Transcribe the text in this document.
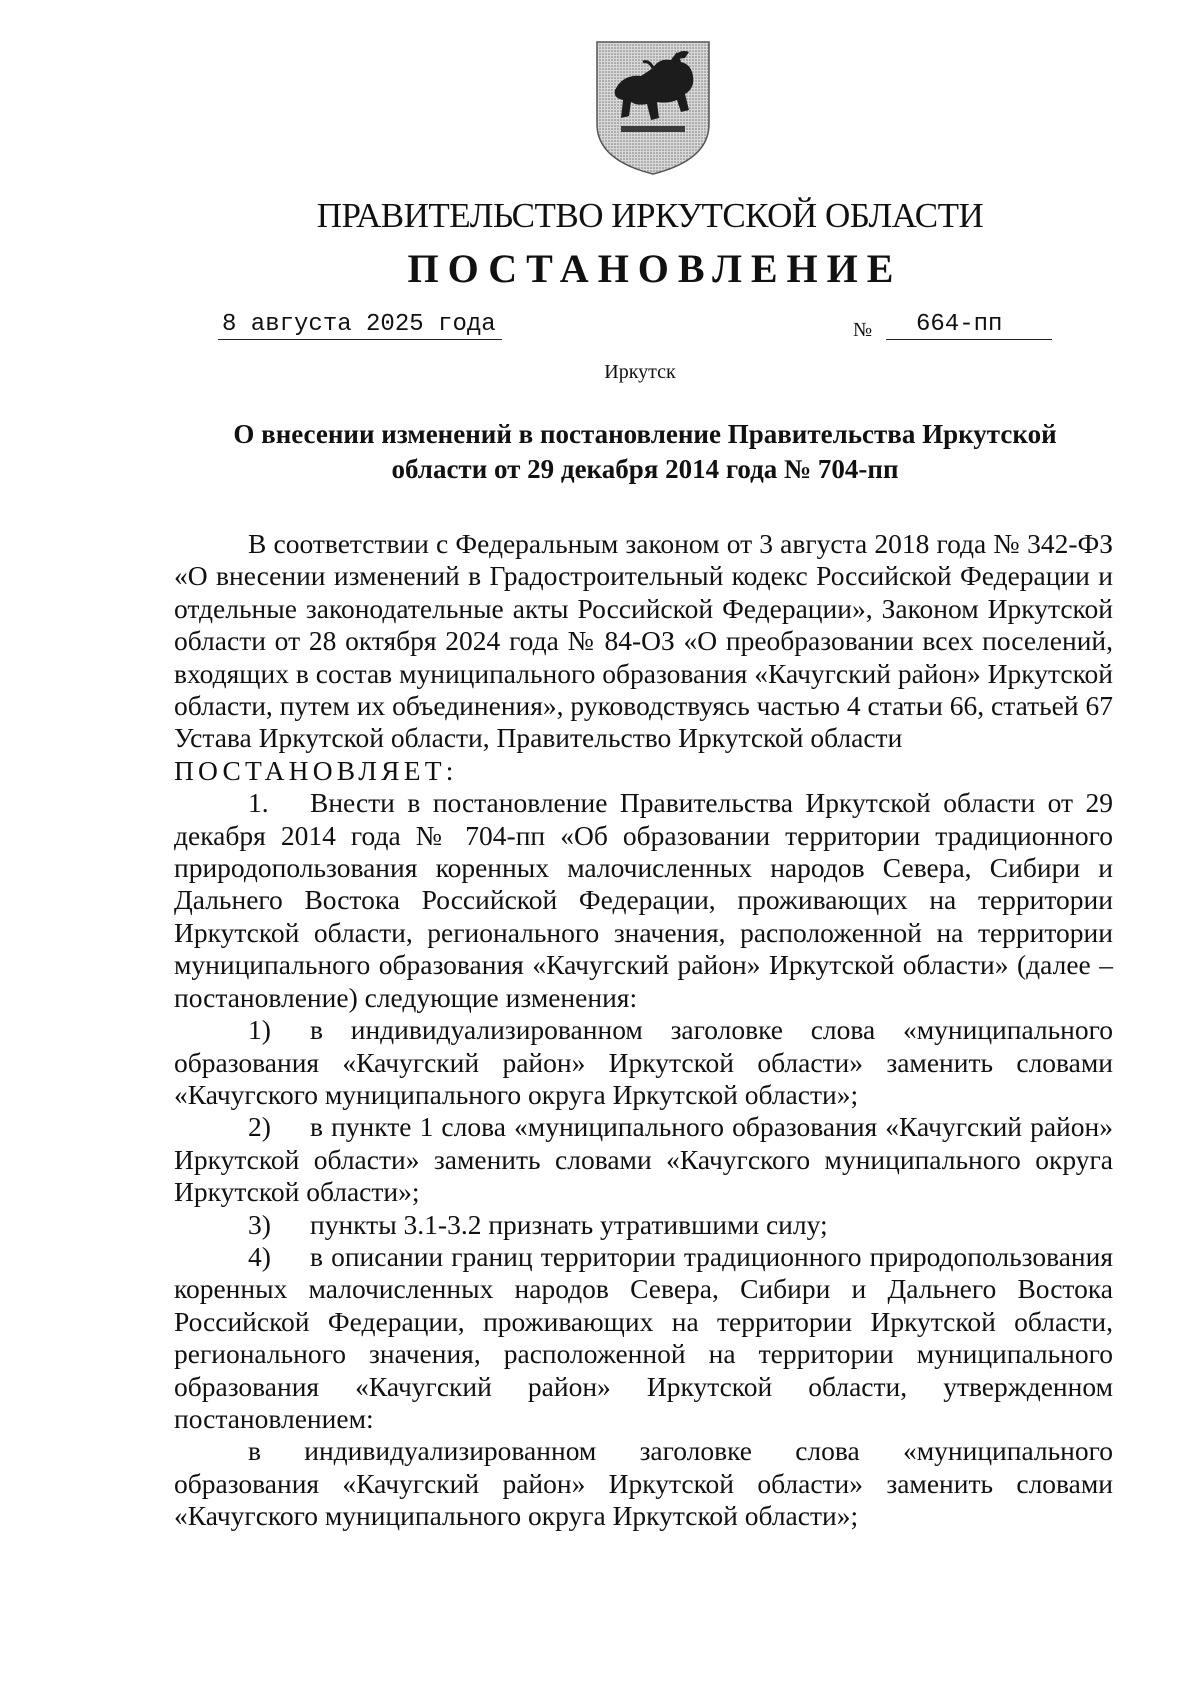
ПРАВИТЕЛЬСТВО ИРКУТСКОЙ ОБЛАСТИ
ПОСТАНОВЛЕНИЕ
8 августа 2025 года	№	664-пп
Иркутск
О внесении изменений в постановление Правительства Иркутской
области от 29 декабря 2014 года № 704-пп

В соответствии с Федеральным законом от 3 августа 2018 года № 342-ФЗ «О внесении изменений в Градостроительный кодекс Российской Федерации и отдельные законодательные акты Российской Федерации», Законом Иркутской области от 28 октября 2024 года № 84-ОЗ «О преобразовании всех поселений, входящих в состав муниципального образования «Качугский район» Иркутской области, путем их объединения», руководствуясь частью 4 статьи 66, статьей 67 Устава Иркутской области, Правительство Иркутской области

ПОСТАНОВЛЯЕТ:

1. Внести в постановление Правительства Иркутской области от 29 декабря 2014 года № 704-пп «Об образовании территории традиционного природопользования коренных малочисленных народов Севера, Сибири и Дальнего Востока Российской Федерации, проживающих на территории Иркутской области, регионального значения, расположенной на территории муниципального образования «Качугский район» Иркутской области» (далее – постановление) следующие изменения:

1) в индивидуализированном заголовке слова «муниципального образования «Качугский район» Иркутской области» заменить словами «Качугского муниципального округа Иркутской области»;

2) в пункте 1 слова «муниципального образования «Качугский район» Иркутской области» заменить словами «Качугского муниципального округа Иркутской области»;

3) пункты 3.1-3.2 признать утратившими силу;

4) в описании границ территории традиционного природопользования коренных малочисленных народов Севера, Сибири и Дальнего Востока Российской Федерации, проживающих на территории Иркутской области, регионального значения, расположенной на территории муниципального образования «Качугский район» Иркутской области, утвержденном постановлением:

в индивидуализированном заголовке слова «муниципального образования «Качугский район» Иркутской области» заменить словами «Качугского муниципального округа Иркутской области»;
